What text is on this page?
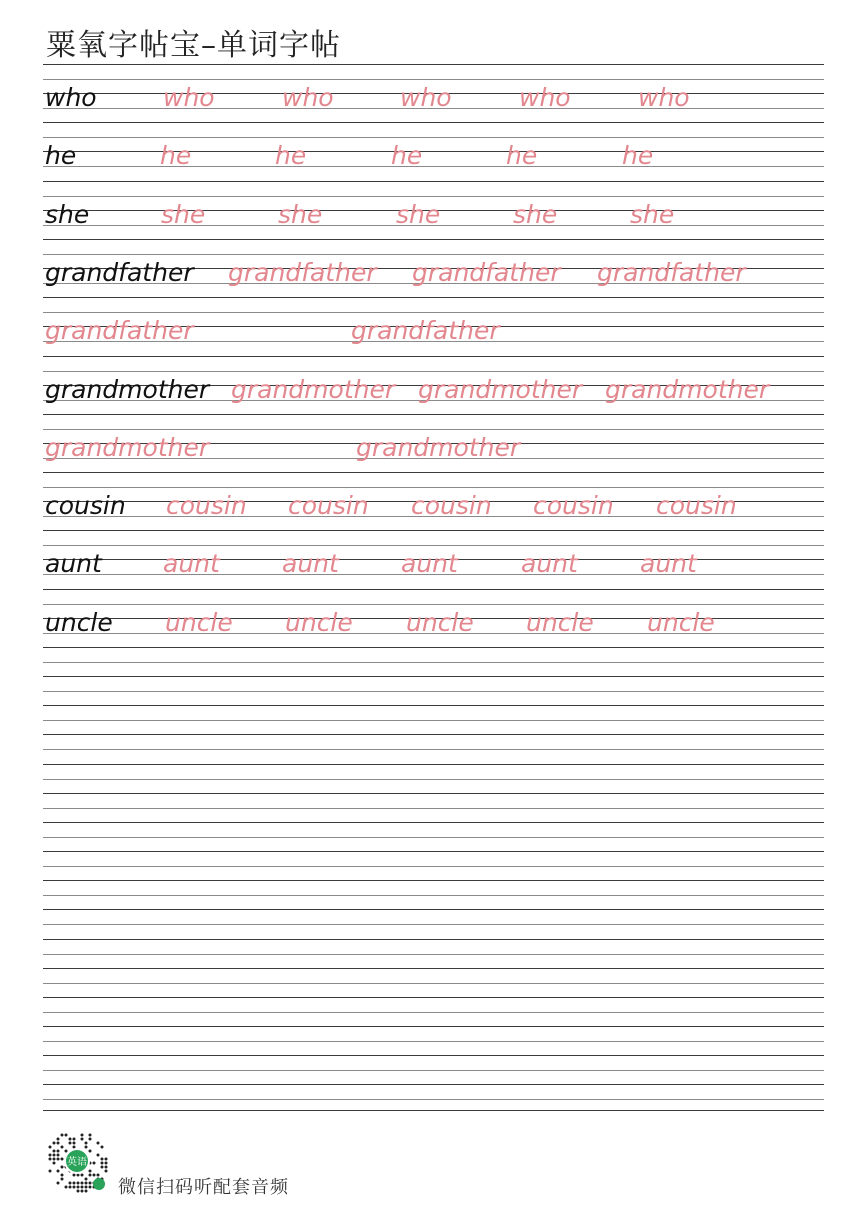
粟氧字帖宝–单词字帖
who	who	who	who	who	who
he	he	he	he	he	he
she	she	she	she	she	she
grandfather grandfather grandfather grandfather
grandfather	grandfather
grandmother grandmother grandmother grandmother
grandmother	grandmother
cousin cousin cousin cousin cousin cousin
aunt aunt aunt aunt	aunt aunt
uncle uncle uncle uncle uncle uncle
英语
微信扫码听配套音频
